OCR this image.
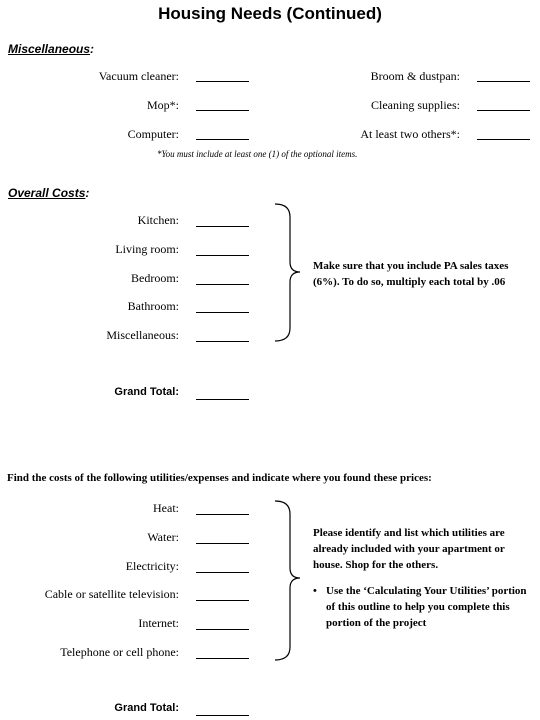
Housing Needs (Continued)
Miscellaneous:
Vacuum cleaner:
Mop*:
Computer:
Broom & dustpan:
Cleaning supplies:
At least two others*:
*You must include at least one (1) of the optional items.
Overall Costs:
Kitchen:
Living room:
Bedroom:
Bathroom:
Miscellaneous:
Make sure that you include PA sales taxes (6%). To do so, multiply each total by .06
Grand Total:
Find the costs of the following utilities/expenses and indicate where you found these prices:
Heat:
Water:
Electricity:
Cable or satellite television:
Internet:
Telephone or cell phone:
Please identify and list which utilities are already included with your apartment or house. Shop for the others.
• Use the ‘Calculating Your Utilities’ portion of this outline to help you complete this portion of the project
Grand Total:
